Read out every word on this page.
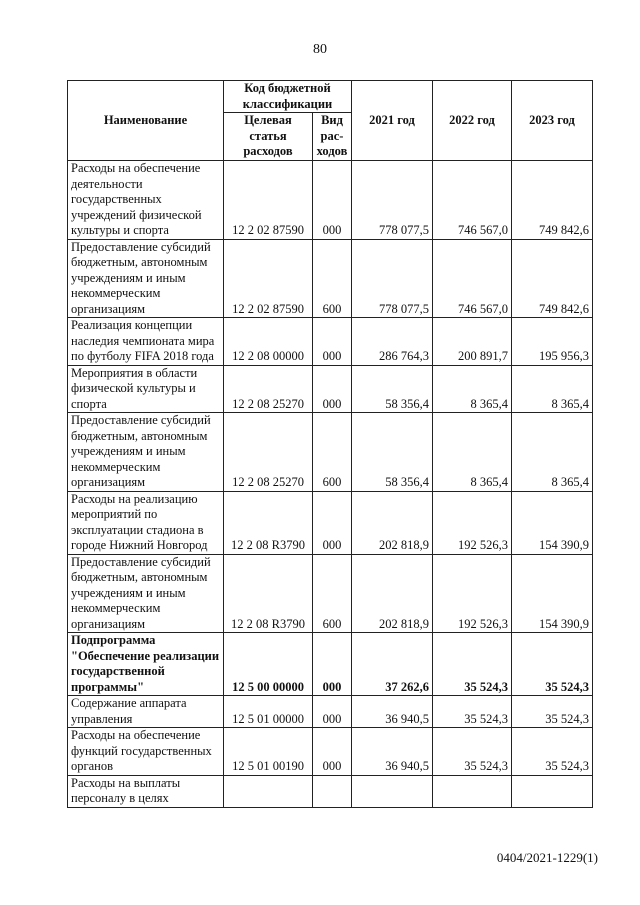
80
Наименование	Код бюджетной классификации		2021 год	2022 год	2023 год
	Целевая статья расходов	Вид рас-ходов			
Расходы на обеспечение деятельности государственных учреждений физической культуры и спорта	12 2 02 87590	000	778 077,5	746 567,0	749 842,6
Предоставление субсидий бюджетным, автономным учреждениям и иным некоммерческим организациям	12 2 02 87590	600	778 077,5	746 567,0	749 842,6
Реализация концепции наследия чемпионата мира по футболу FIFA 2018 года	12 2 08 00000	000	286 764,3	200 891,7	195 956,3
Мероприятия в области физической культуры и спорта	12 2 08 25270	000	58 356,4	8 365,4	8 365,4
Предоставление субсидий бюджетным, автономным учреждениям и иным некоммерческим организациям	12 2 08 25270	600	58 356,4	8 365,4	8 365,4
Расходы на реализацию мероприятий по эксплуатации стадиона в городе Нижний Новгород	12 2 08 R3790	000	202 818,9	192 526,3	154 390,9
Предоставление субсидий бюджетным, автономным учреждениям и иным некоммерческим организациям	12 2 08 R3790	600	202 818,9	192 526,3	154 390,9
Подпрограмма "Обеспечение реализации государственной программы"	12 5 00 00000	000	37 262,6	35 524,3	35 524,3
Содержание аппарата управления	12 5 01 00000	000	36 940,5	35 524,3	35 524,3
Расходы на обеспечение функций государственных органов	12 5 01 00190	000	36 940,5	35 524,3	35 524,3
Расходы на выплаты персоналу в целях					
0404/2021-1229(1)
